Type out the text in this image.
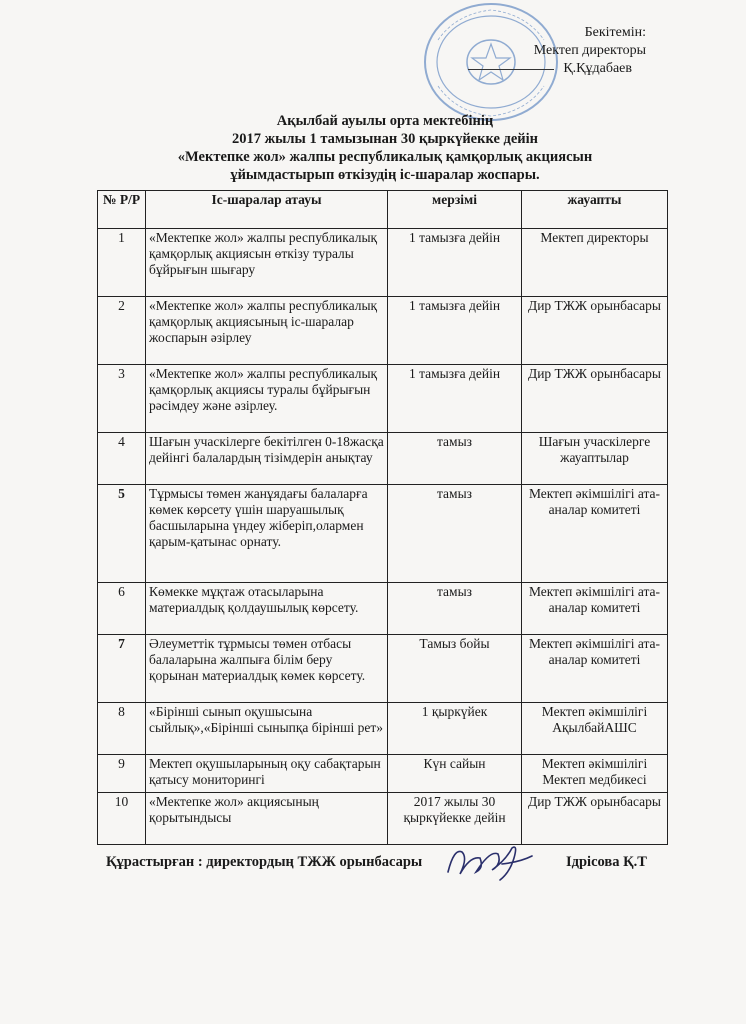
Бекітемін:
Мектеп директоры
Қ.Құдабаев
Ақылбай ауылы орта мектебінің
2017 жылы 1 тамызынан 30 қыркүйекке дейін
«Мектепке жол» жалпы республикалық қамқорлық акциясын
ұйымдастырып өткізудің іс-шаралар жоспары.
№ Р/Р	Іс-шаралар атауы	мерзімі	жауапты
1	«Мектепке жол» жалпы республикалық қамқорлық акциясын өткізу туралы бұйрығын шығару	1 тамызға дейін	Мектеп директоры
2	«Мектепке жол» жалпы республикалық қамқорлық акциясының іс-шаралар жоспарын әзірлеу	1 тамызға дейін	Дир ТЖЖ орынбасары
3	«Мектепке жол» жалпы республикалық қамқорлық акциясы туралы бұйрығын рәсімдеу және әзірлеу.	1 тамызға дейін	Дир ТЖЖ орынбасары
4	Шағын учаскілерге бекітілген 0-18жасқа дейінгі балалардың тізімдерін анықтау	тамыз	Шағын учаскілерге жауаптылар
5	Тұрмысы төмен жанұядағы балаларға көмек көрсету үшін шаруашылық басшыларына үндеу жіберіп,олармен қарым-қатынас орнату.	тамыз	Мектеп әкімшілігі ата-аналар комитеті
6	Көмекке мұқтаж отасыларына материалдық қолдаушылық көрсету.	тамыз	Мектеп әкімшілігі ата-аналар комитеті
7	Әлеуметтік тұрмысы төмен отбасы балаларына жалпыға білім беру қорынан материалдық көмек көрсету.	Тамыз бойы	Мектеп әкімшілігі ата-аналар комитеті
8	«Бірінші сынып оқушысына сыйлық»,«Бірінші сыныпқа бірінші рет»	1 қыркүйек	Мектеп әкімшілігі АқылбайАШС
9	Мектеп оқушыларының оқу сабақтарын қатысу мониторингі	Күн сайын	Мектеп әкімшілігі Мектеп медбикесі
10	«Мектепке жол» акциясының қорытындысы	2017 жылы 30 қыркүйекке дейін	Дир ТЖЖ орынбасары
Құрастырған : директордың ТЖЖ орынбасары	Ідрісова Қ.Т
